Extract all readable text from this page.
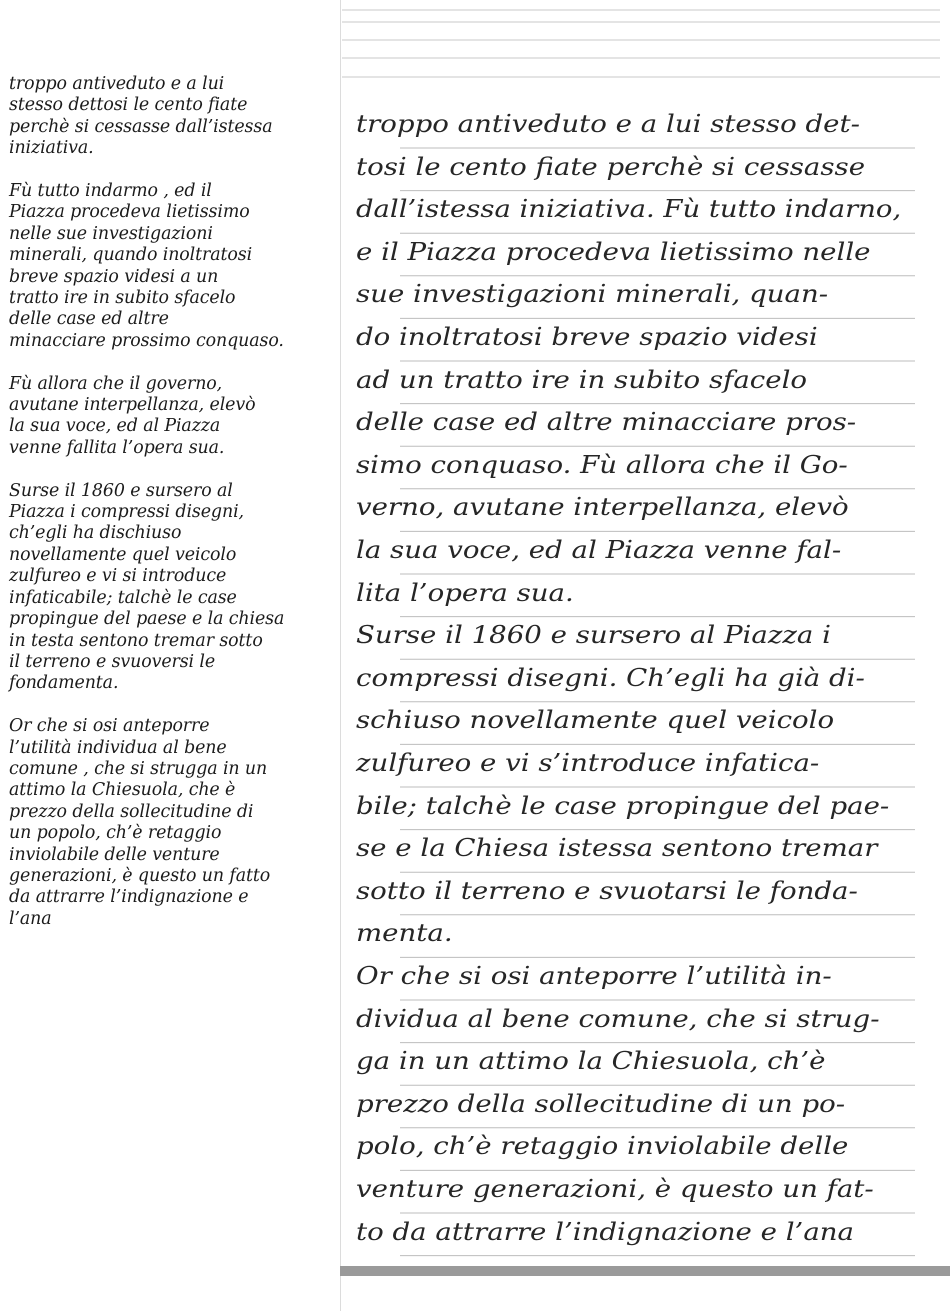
troppo antiveduto e a lui
stesso dettosi le cento fiate
perchè si cessasse dall’istessa
iniziativa.

Fù tutto indarmo , ed il
Piazza procedeva lietissimo
nelle sue investigazioni
minerali, quando inoltratosi
breve spazio videsi a un
tratto ire in subito sfacelo
delle case ed altre
minacciare prossimo conquaso.

Fù allora che il governo,
avutane interpellanza, elevò
la sua voce, ed al Piazza
venne fallita l’opera sua.

Surse il 1860 e sursero al
Piazza i compressi disegni,
ch’egli ha dischiuso
novellamente quel veicolo
zulfureo e vi si introduce
infaticabile; talchè le case
propingue del paese e la chiesa
in testa sentono tremar sotto
il terreno e svuoversi le
fondamenta.

Or che si osi anteporre
l’utilità individua al bene
comune , che si strugga in un
attimo la Chiesuola, che è
prezzo della sollecitudine di
un popolo, ch’è retaggio
inviolabile delle venture
generazioni, è questo un fatto
da attrarre l’indignazione e
l’ana

troppo antiveduto e a lui stesso det-
tosi le cento fiate perchè si cessasse
dall’istessa iniziativa. Fù tutto indarno,
e il Piazza procedeva lietissimo nelle
sue investigazioni minerali, quan-
do inoltratosi breve spazio videsi
ad un tratto ire in subito sfacelo
delle case ed altre minacciare pros-
simo conquaso. Fù allora che il Go-
verno, avutane interpellanza, elevò
la sua voce, ed al Piazza venne fal-
lita l’opera sua.
Surse il 1860 e sursero al Piazza i
compressi disegni. Ch’egli ha già di-
schiuso novellamente quel veicolo
zulfureo e vi s’introduce infatica-
bile; talchè le case propingue del pae-
se e la Chiesa istessa sentono tremar
sotto il terreno e svuotarsi le fonda-
menta.
Or che si osi anteporre l’utilità in-
dividua al bene comune, che si strug-
ga in un attimo la Chiesuola, ch’è
prezzo della sollecitudine di un po-
polo, ch’è retaggio inviolabile delle
venture generazioni, è questo un fat-
to da attrarre l’indignazione e l’ana
